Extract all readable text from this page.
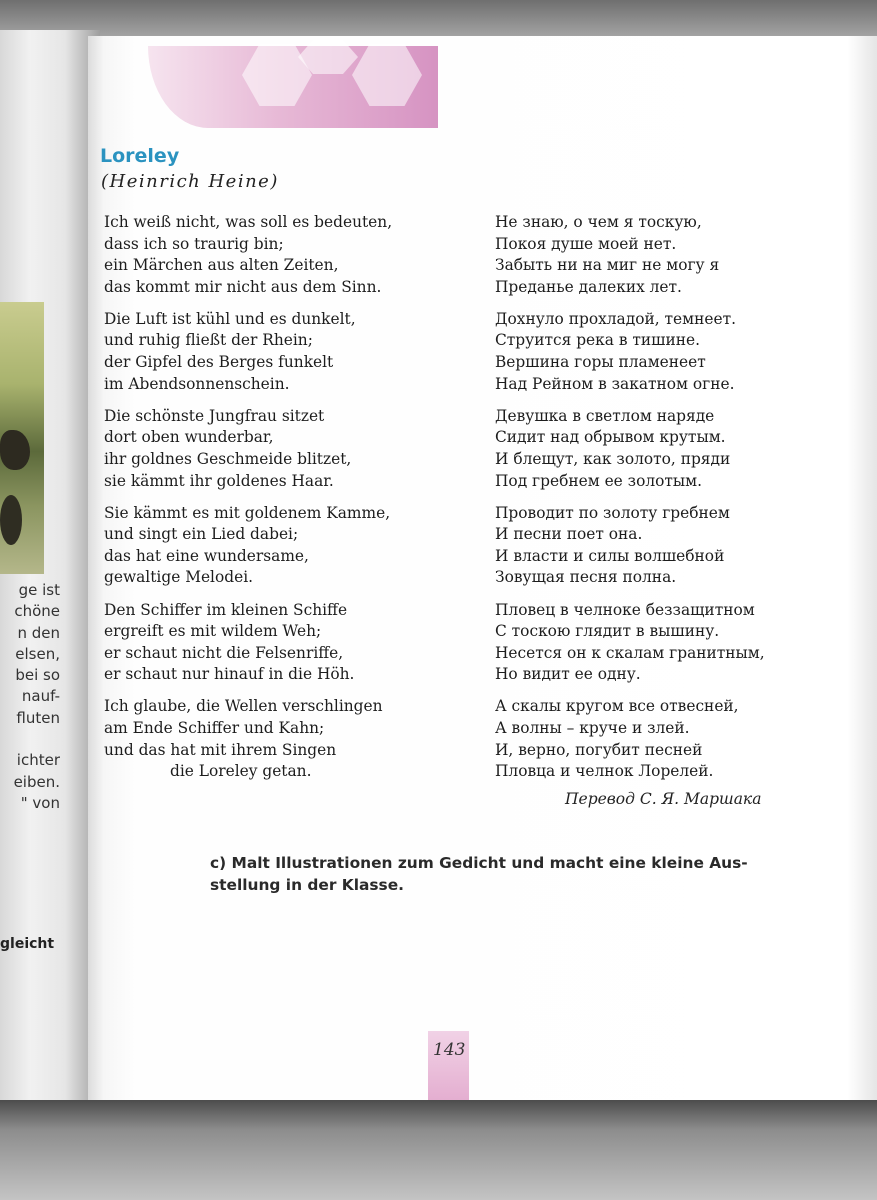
ge ist
chöne
n den
elsen,
bei so
nauf-
fluten

ichter
eiben.
" von
gleicht
Loreley
(Heinrich Heine)
Ich weiß nicht, was soll es bedeuten,
dass ich so traurig bin;
ein Märchen aus alten Zeiten,
das kommt mir nicht aus dem Sinn.
Die Luft ist kühl und es dunkelt,
und ruhig fließt der Rhein;
der Gipfel des Berges funkelt
im Abendsonnenschein.
Die schönste Jungfrau sitzet
dort oben wunderbar,
ihr goldnes Geschmeide blitzet,
sie kämmt ihr goldenes Haar.
Sie kämmt es mit goldenem Kamme,
und singt ein Lied dabei;
das hat eine wundersame,
gewaltige Melodei.
Den Schiffer im kleinen Schiffe
ergreift es mit wildem Weh;
er schaut nicht die Felsenriffe,
er schaut nur hinauf in die Höh.
Ich glaube, die Wellen verschlingen
am Ende Schiffer und Kahn;
und das hat mit ihrem Singen
die Loreley getan.
Не знаю, о чем я тоскую,
Покоя душе моей нет.
Забыть ни на миг не могу я
Преданье далеких лет.
Дохнуло прохладой, темнеет.
Струится река в тишине.
Вершина горы пламенеет
Над Рейном в закатном огне.
Девушка в светлом наряде
Сидит над обрывом крутым.
И блещут, как золото, пряди
Под гребнем ее золотым.
Проводит по золоту гребнем
И песни поет она.
И власти и силы волшебной
Зовущая песня полна.
Пловец в челноке беззащитном
С тоскою глядит в вышину.
Несется он к скалам гранитным,
Но видит ее одну.
А скалы кругом все отвесней,
А волны – круче и злей.
И, верно, погубит песней
Пловца и челнок Лорелей.
Перевод С. Я. Маршака
c) Malt Illustrationen zum Gedicht und macht eine kleine Aus-
stellung in der Klasse.
143
